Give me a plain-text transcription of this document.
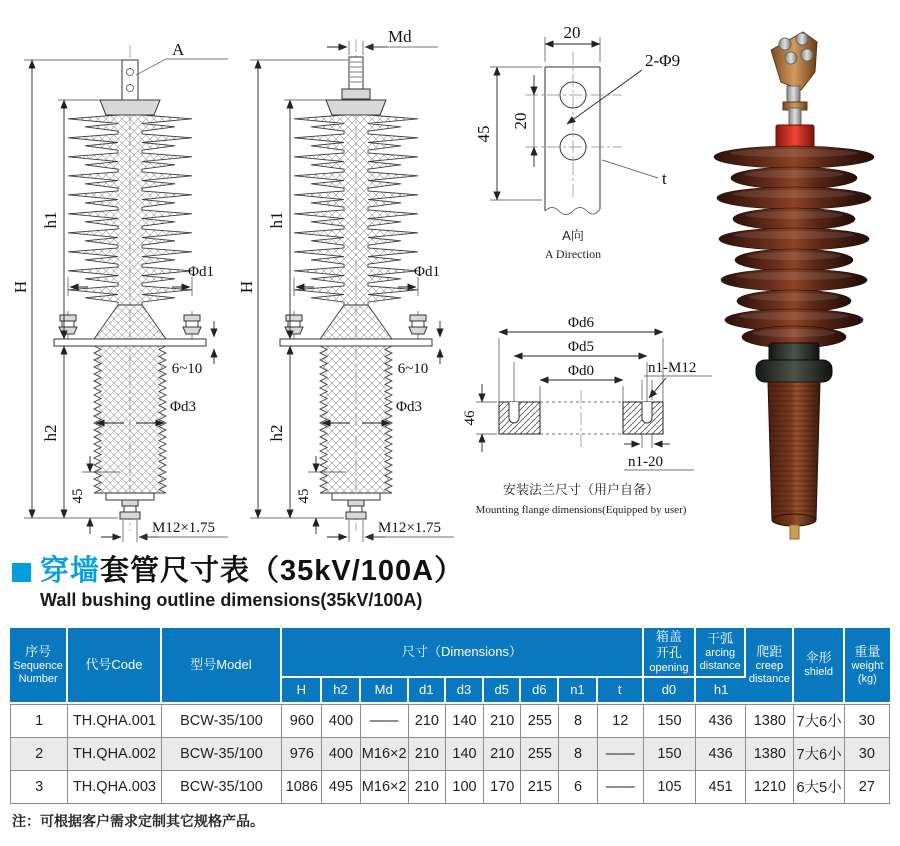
A
H
h1
h2
45
Φd1
6~10
Φd3
M12×1.75
Md
H
h1
h2
45
Φd1
6~10
Φd3
M12×1.75
20
45
20
2-Φ9
t
A向
A Direction
Φd6
Φd5
Φd0
46
n1-M12
n1-20
安装法兰尺寸（用户自备）
Mounting flange dimensions(Equipped by user)
穿墙套管尺寸表（35kV/100A）
Wall bushing outline dimensions(35kV/100A)
序号
Sequence
Number	代号Code	型号Model	尺寸（Dimensions）									箱盖
开孔
opening	干弧
arcing
distance	爬距
creep
distance	伞形
shield	重量
weight
(kg)

			H	h2	Md	d1	d3	d5	d6	n1	t	d0	h1			
1	TH.QHA.001	BCW-35/100	960	400	——	210	140	210	255	8	12	150	436	1380	7大6小	30
2	TH.QHA.002	BCW-35/100	976	400	M16×2	210	140	210	255	8	——	150	436	1380	7大6小	30
3	TH.QHA.003	BCW-35/100	1086	495	M16×2	210	100	170	215	6	——	105	451	1210	6大5小	27
注：可根据客户需求定制其它规格产品。
